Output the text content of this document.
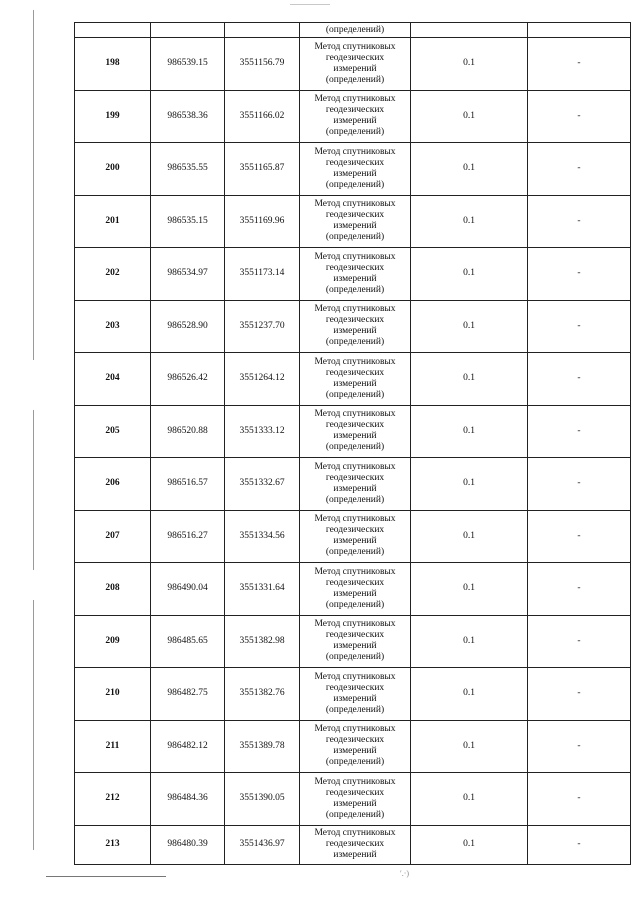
			(определений)		
198	986539.15	3551156.79	Метод спутниковых
геодезических
измерений
(определений)	0.1	-
199	986538.36	3551166.02	Метод спутниковых
геодезических
измерений
(определений)	0.1	-
200	986535.55	3551165.87	Метод спутниковых
геодезических
измерений
(определений)	0.1	-
201	986535.15	3551169.96	Метод спутниковых
геодезических
измерений
(определений)	0.1	-
202	986534.97	3551173.14	Метод спутниковых
геодезических
измерений
(определений)	0.1	-
203	986528.90	3551237.70	Метод спутниковых
геодезических
измерений
(определений)	0.1	-
204	986526.42	3551264.12	Метод спутниковых
геодезических
измерений
(определений)	0.1	-
205	986520.88	3551333.12	Метод спутниковых
геодезических
измерений
(определений)	0.1	-
206	986516.57	3551332.67	Метод спутниковых
геодезических
измерений
(определений)	0.1	-
207	986516.27	3551334.56	Метод спутниковых
геодезических
измерений
(определений)	0.1	-
208	986490.04	3551331.64	Метод спутниковых
геодезических
измерений
(определений)	0.1	-
209	986485.65	3551382.98	Метод спутниковых
геодезических
измерений
(определений)	0.1	-
210	986482.75	3551382.76	Метод спутниковых
геодезических
измерений
(определений)	0.1	-
211	986482.12	3551389.78	Метод спутниковых
геодезических
измерений
(определений)	0.1	-
212	986484.36	3551390.05	Метод спутниковых
геодезических
измерений
(определений)	0.1	-
213	986480.39	3551436.97	Метод спутниковых
геодезических
измерений	0.1	-
′.·)
